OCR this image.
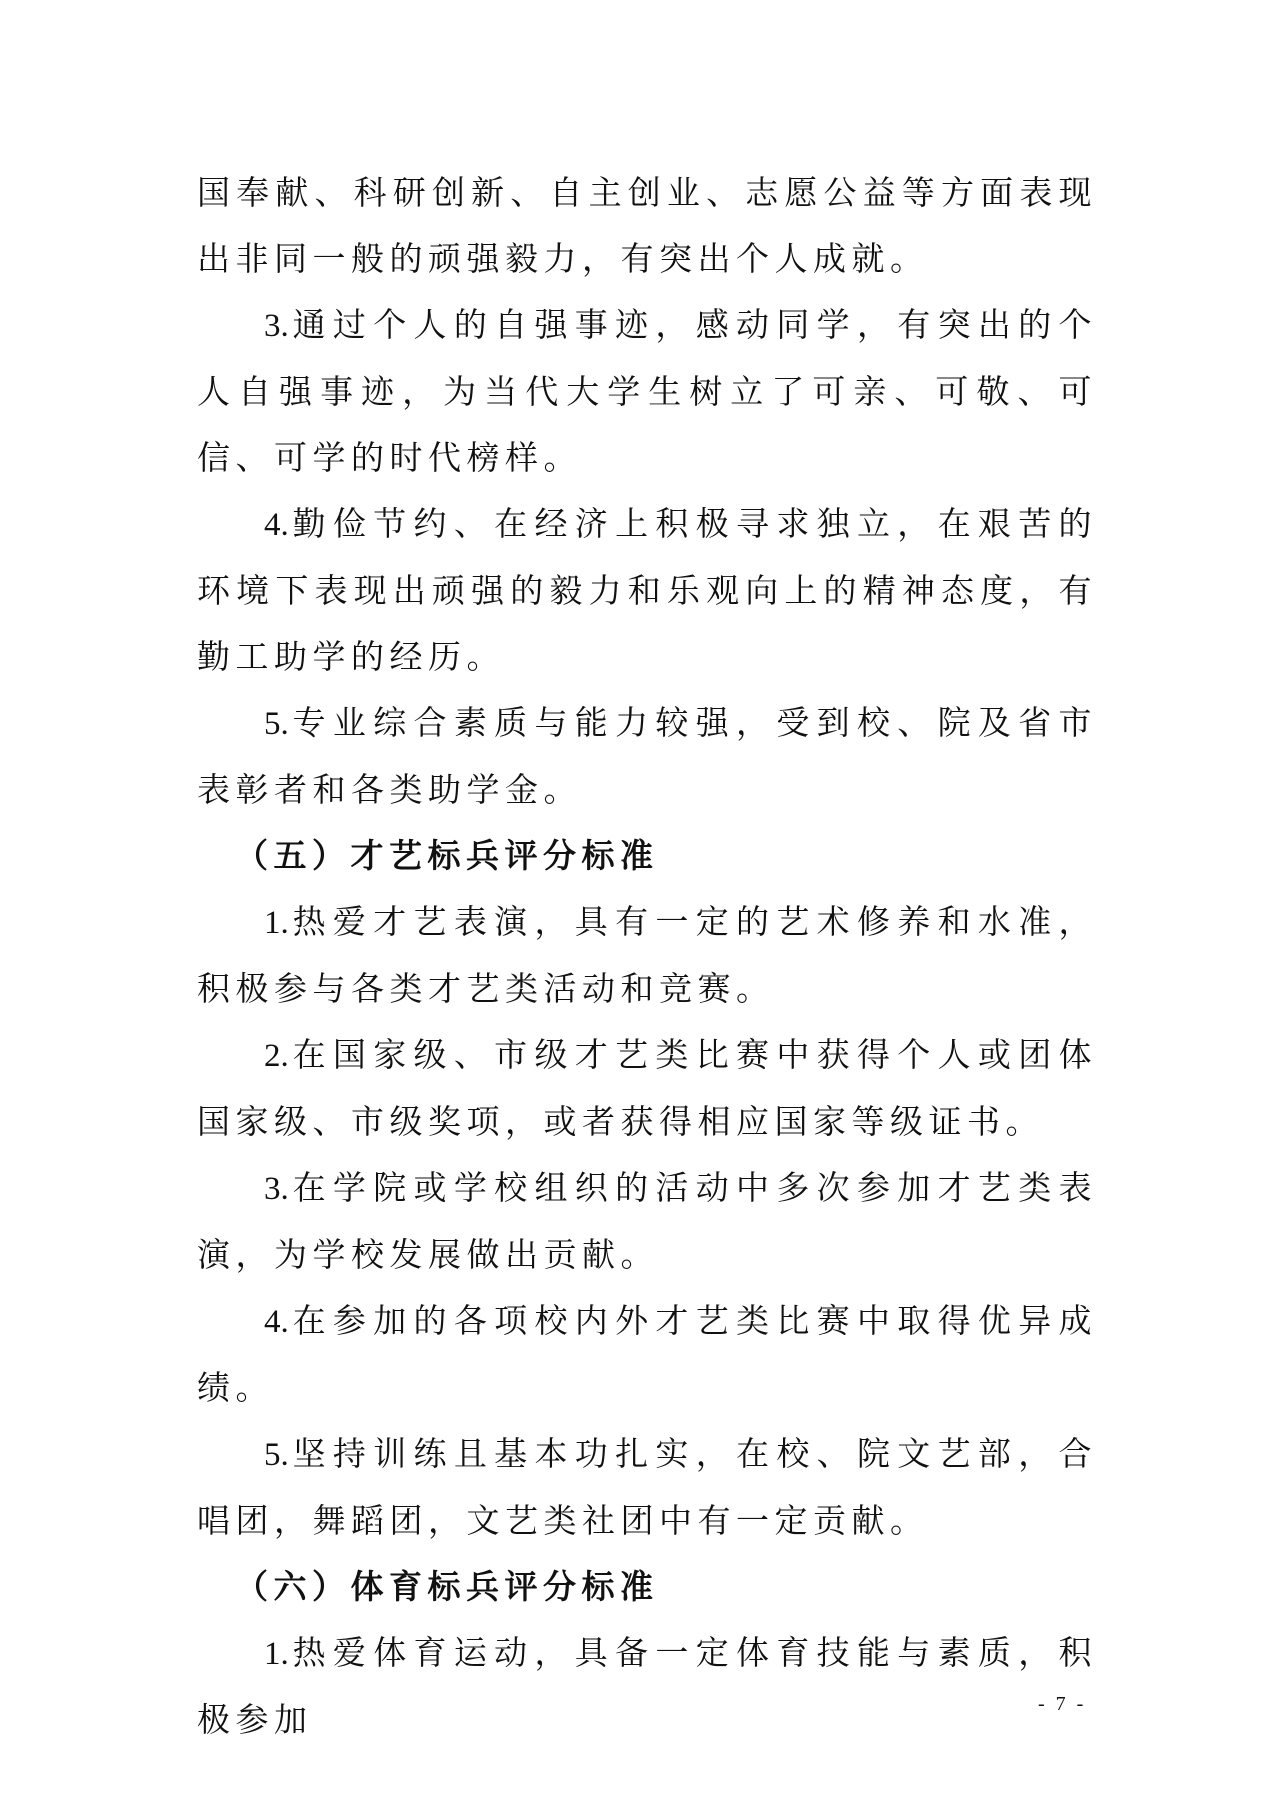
国奉献、科研创新、自主创业、志愿公益等方面表现出非同一般的顽强毅力，有突出个人成就。

3.通过个人的自强事迹，感动同学，有突出的个人自强事迹，为当代大学生树立了可亲、可敬、可信、可学的时代榜样。

4.勤俭节约、在经济上积极寻求独立，在艰苦的环境下表现出顽强的毅力和乐观向上的精神态度，有勤工助学的经历。

5.专业综合素质与能力较强，受到校、院及省市表彰者和各类助学金。

（五）才艺标兵评分标准

1.热爱才艺表演，具有一定的艺术修养和水准，积极参与各类才艺类活动和竞赛。

2.在国家级、市级才艺类比赛中获得个人或团体国家级、市级奖项，或者获得相应国家等级证书。

3.在学院或学校组织的活动中多次参加才艺类表演，为学校发展做出贡献。

4.在参加的各项校内外才艺类比赛中取得优异成绩。

5.坚持训练且基本功扎实，在校、院文艺部，合唱团，舞蹈团，文艺类社团中有一定贡献。

（六）体育标兵评分标准

1.热爱体育运动，具备一定体育技能与素质，积极参加	- 7 -
